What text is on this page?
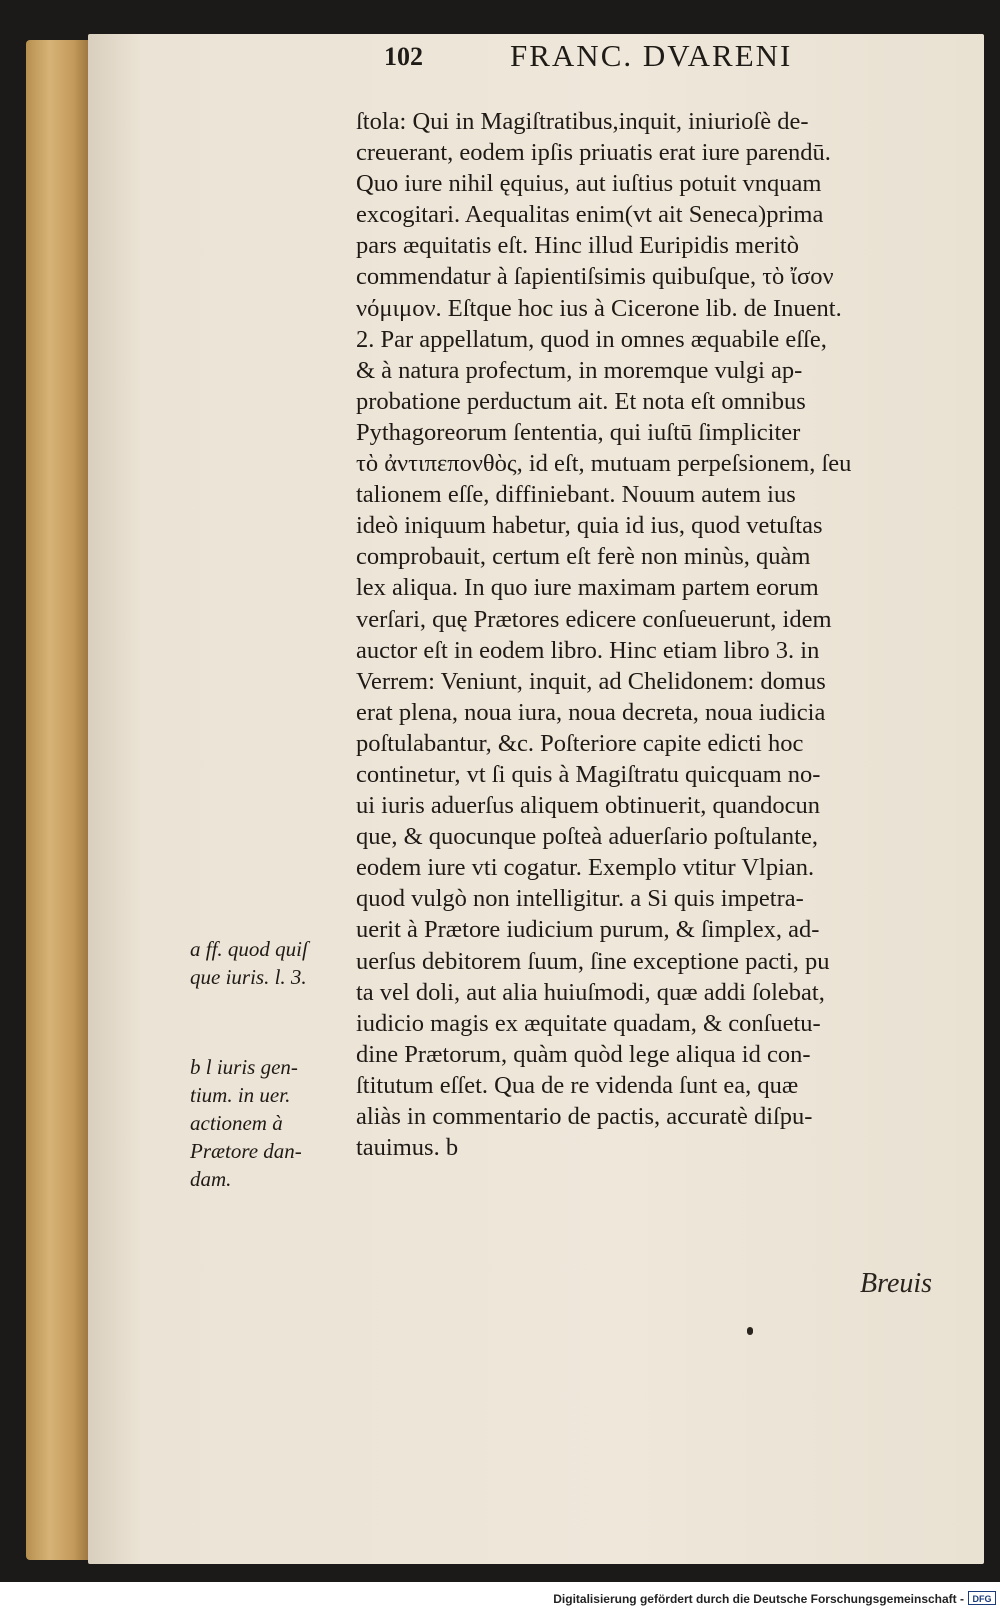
102	FRANC. DVARENI
ſtola: Qui in Magiſtratibus,inquit, iniurioſè de-
creuerant, eodem ipſis priuatis erat iure parendū.
Quo iure nihil ęquius, aut iuſtius potuit vnquam
excogitari. Aequalitas enim(vt ait Seneca)prima
pars æquitatis eſt. Hinc illud Euripidis meritò
commendatur à ſapientiſsimis quibuſque, τὸ ἴσον
νόμιμον. Eſtque hoc ius à Cicerone lib. de Inuent.
2. Par appellatum, quod in omnes æquabile eſſe,
& à natura profectum, in moremque vulgi ap-
probatione perductum ait. Et nota eſt omnibus
Pythagoreorum ſententia, qui iuſtū ſimpliciter
τὸ ἀντιπεπονθὸς, id eſt, mutuam perpeſsionem, ſeu
talionem eſſe, diffiniebant. Nouum autem ius
ideò iniquum habetur, quia id ius, quod vetuſtas
comprobauit, certum eſt ferè non minùs, quàm
lex aliqua. In quo iure maximam partem eorum
verſari, quę Prætores edicere conſueuerunt, idem
auctor eſt in eodem libro. Hinc etiam libro 3. in
Verrem: Veniunt, inquit, ad Chelidonem: domus
erat plena, noua iura, noua decreta, noua iudicia
poſtulabantur, &c. Poſteriore capite edicti hoc
continetur, vt ſi quis à Magiſtratu quicquam no-
ui iuris aduerſus aliquem obtinuerit, quandocun
que, & quocunque poſteà aduerſario poſtulante,
eodem iure vti cogatur. Exemplo vtitur Vlpian.
quod vulgò non intelligitur. a Si quis impetra-
uerit à Prætore iudicium purum, & ſimplex, ad-
uerſus debitorem ſuum, ſine exceptione pacti, pu
ta vel doli, aut alia huiuſmodi, quæ addi ſolebat,
iudicio magis ex æquitate quadam, & conſuetu-
dine Prætorum, quàm quòd lege aliqua id con-
ſtitutum eſſet. Qua de re videnda ſunt ea, quæ
aliàs in commentario de pactis, accuratè diſpu-
tauimus. b
a ff. quod quiſ
que iuris. l. 3.
b l iuris gen-
tium. in uer.
actionem à
Prætore dan-
dam.
Breuis
Digitalisierung gefördert durch die Deutsche Forschungsgemeinschaft - DFG
